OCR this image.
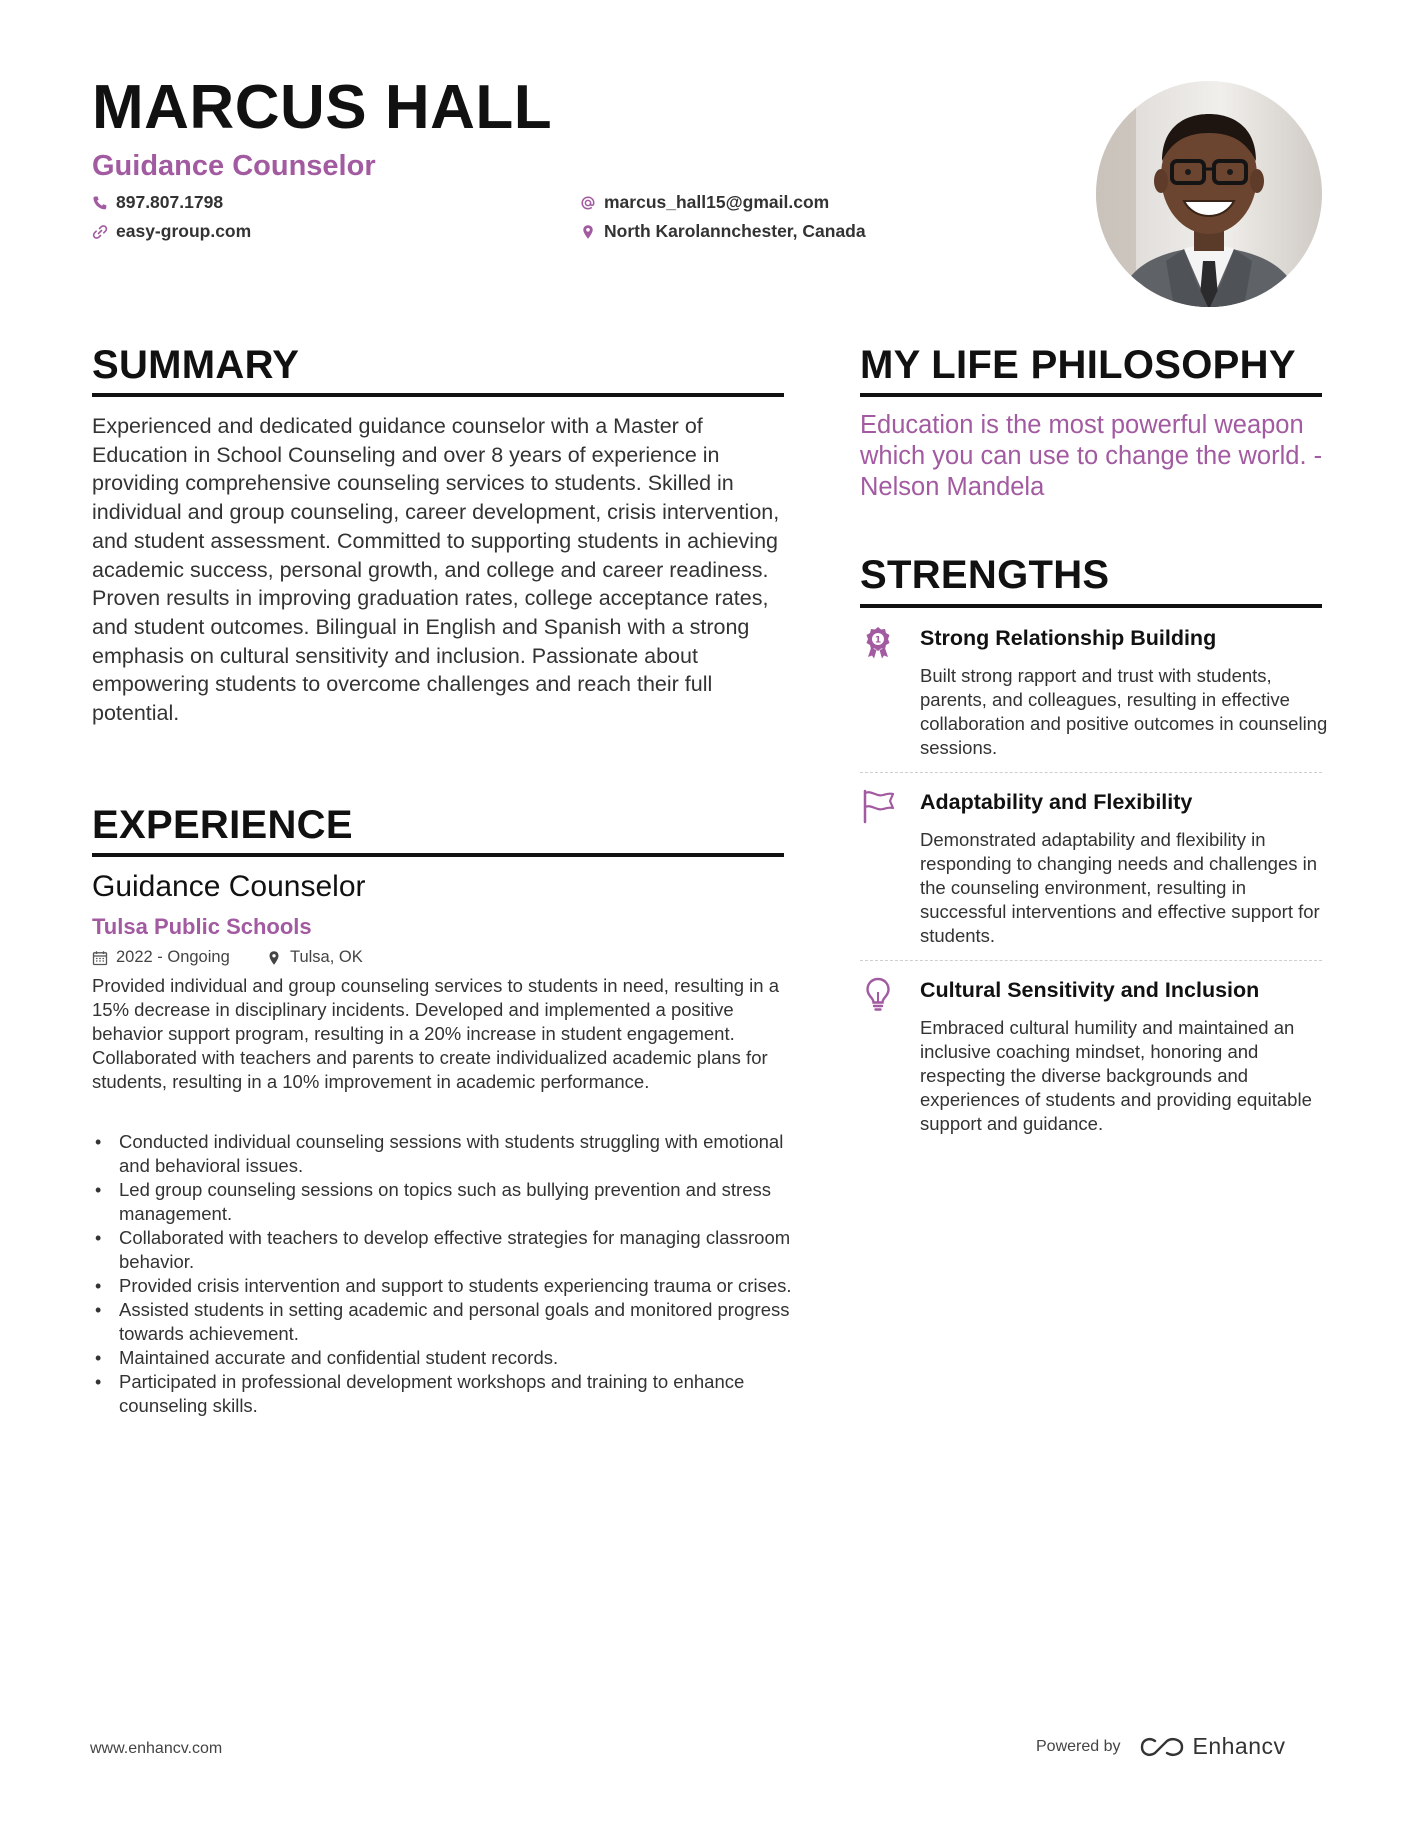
MARCUS HALL
Guidance Counselor
897.807.1798
easy-group.com
marcus_hall15@gmail.com
North Karolannchester, Canada
SUMMARY

Experienced and dedicated guidance counselor with a Master of Education in School Counseling and over 8 years of experience in providing comprehensive counseling services to students. Skilled in individual and group counseling, career development, crisis intervention, and student assessment. Committed to supporting students in achieving academic success, personal growth, and college and career readiness. Proven results in improving graduation rates, college acceptance rates, and student outcomes. Bilingual in English and Spanish with a strong emphasis on cultural sensitivity and inclusion. Passionate about empowering students to overcome challenges and reach their full potential.

MY LIFE PHILOSOPHY

Education is the most powerful weapon which you can use to change the world. - Nelson Mandela

EXPERIENCE
Guidance Counselor
Tulsa Public Schools
2022 - Ongoing	Tulsa, OK

Provided individual and group counseling services to students in need, resulting in a 15% decrease in disciplinary incidents. Developed and implemented a positive behavior support program, resulting in a 20% increase in student engagement. Collaborated with teachers and parents to create individualized academic plans for students, resulting in a 10% improvement in academic performance.

• Conducted individual counseling sessions with students struggling with emotional and behavioral issues.
• Led group counseling sessions on topics such as bullying prevention and stress management.
• Collaborated with teachers to develop effective strategies for managing classroom behavior.
• Provided crisis intervention and support to students experiencing trauma or crises.
• Assisted students in setting academic and personal goals and monitored progress towards achievement.
• Maintained accurate and confidential student records.
• Participated in professional development workshops and training to enhance counseling skills.
STRENGTHS
1 Strong Relationship Building

Built strong rapport and trust with students, parents, and colleagues, resulting in effective collaboration and positive outcomes in counseling sessions.

Adaptability and Flexibility

Demonstrated adaptability and flexibility in responding to changing needs and challenges in the counseling environment, resulting in successful interventions and effective support for students.

Cultural Sensitivity and Inclusion

Embraced cultural humility and maintained an inclusive coaching mindset, honoring and respecting the diverse backgrounds and experiences of students and providing equitable support and guidance.

www.enhancv.com	Powered by	Enhancv
